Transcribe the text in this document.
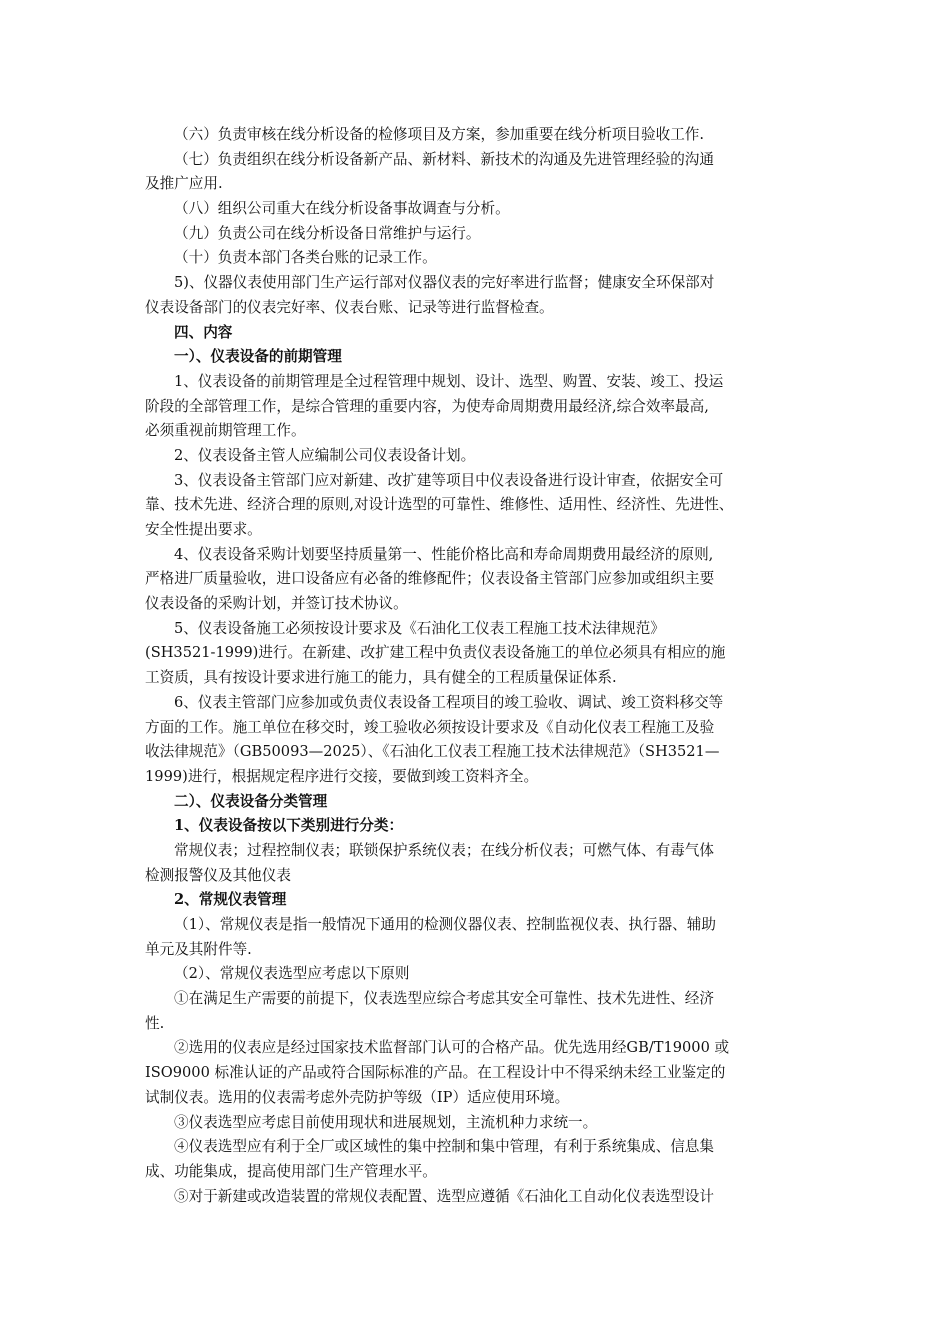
（六）负责审核在线分析设备的检修项目及方案，参加重要在线分析项目验收工作.
（七）负责组织在线分析设备新产品、新材料、新技术的沟通及先进管理经验的沟通
及推广应用.
（八）组织公司重大在线分析设备事故调查与分析。
（九）负责公司在线分析设备日常维护与运行。
（十）负责本部门各类台账的记录工作。
5)、仪器仪表使用部门生产运行部对仪器仪表的完好率进行监督；健康安全环保部对
仪表设备部门的仪表完好率、仪表台账、记录等进行监督检查。
四、内容
一）、仪表设备的前期管理
1、仪表设备的前期管理是全过程管理中规划、设计、选型、购置、安装、竣工、投运
阶段的全部管理工作，是综合管理的重要内容，为使寿命周期费用最经济,综合效率最高,
必须重视前期管理工作。
2、仪表设备主管人应编制公司仪表设备计划。
3、仪表设备主管部门应对新建、改扩建等项目中仪表设备进行设计审查，依据安全可
靠、技术先进、经济合理的原则,对设计选型的可靠性、维修性、适用性、经济性、先进性、
安全性提出要求。
4、仪表设备采购计划要坚持质量第一、性能价格比高和寿命周期费用最经济的原则,
严格进厂质量验收，进口设备应有必备的维修配件；仪表设备主管部门应参加或组织主要
仪表设备的采购计划，并签订技术协议。
5、仪表设备施工必须按设计要求及《石油化工仪表工程施工技术法律规范》
(SH3521-1999)进行。在新建、改扩建工程中负责仪表设备施工的单位必须具有相应的施
工资质，具有按设计要求进行施工的能力，具有健全的工程质量保证体系.
6、仪表主管部门应参加或负责仪表设备工程项目的竣工验收、调试、竣工资料移交等
方面的工作。施工单位在移交时，竣工验收必须按设计要求及《自动化仪表工程施工及验
收法律规范》（GB50093—2025）、《石油化工仪表工程施工技术法律规范》（SH3521—
1999)进行，根据规定程序进行交接，要做到竣工资料齐全。
二）、仪表设备分类管理
1、仪表设备按以下类别进行分类：
常规仪表；过程控制仪表；联锁保护系统仪表；在线分析仪表；可燃气体、有毒气体
检测报警仪及其他仪表
2、常规仪表管理
（1）、常规仪表是指一般情况下通用的检测仪器仪表、控制监视仪表、执行器、辅助
单元及其附件等.
（2）、常规仪表选型应考虑以下原则
①在满足生产需要的前提下，仪表选型应综合考虑其安全可靠性、技术先进性、经济
性.
②选用的仪表应是经过国家技术监督部门认可的合格产品。优先选用经GB/T19000 或
ISO9000 标准认证的产品或符合国际标准的产品。在工程设计中不得采纳未经工业鉴定的
试制仪表。选用的仪表需考虑外壳防护等级（IP）适应使用环境。
③仪表选型应考虑目前使用现状和进展规划，主流机种力求统一。
④仪表选型应有利于全厂或区域性的集中控制和集中管理，有利于系统集成、信息集
成、功能集成，提高使用部门生产管理水平。
⑤对于新建或改造装置的常规仪表配置、选型应遵循《石油化工自动化仪表选型设计
